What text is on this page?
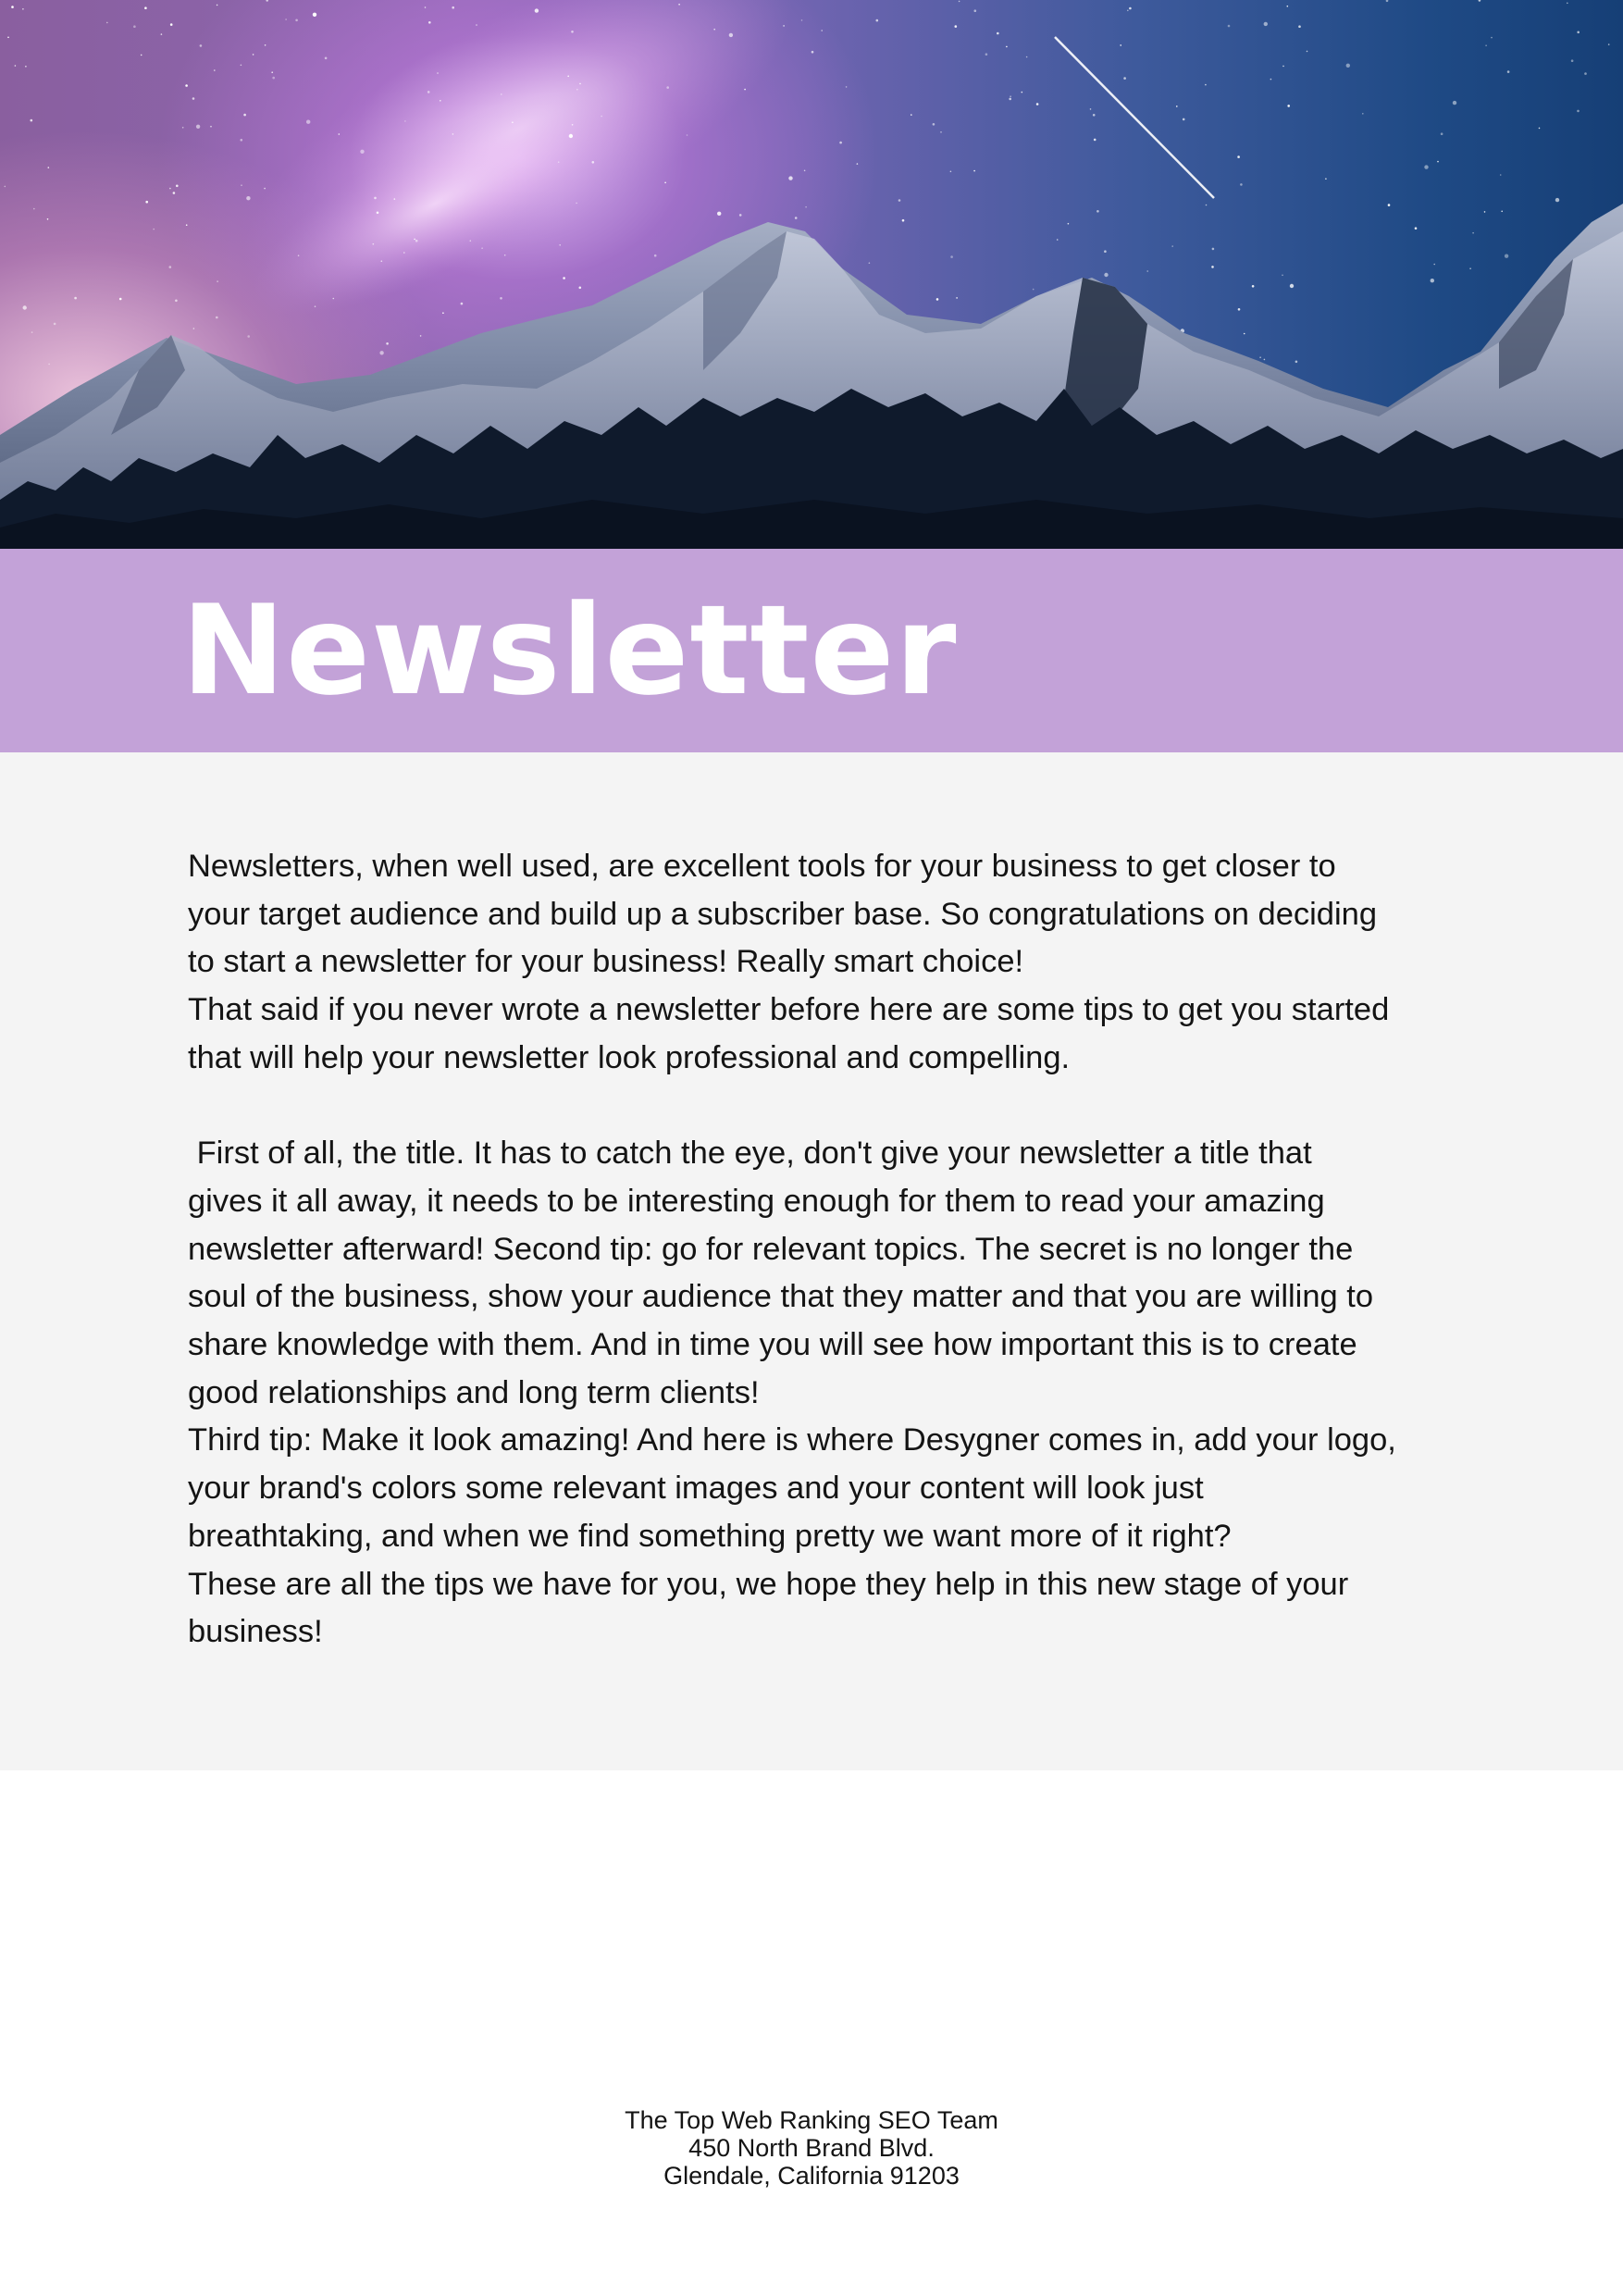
Newsletter

Newsletters, when well used, are excellent tools for your business to get closer to

your target audience and build up a subscriber base. So congratulations on deciding

to start a newsletter for your business! Really smart choice!

That said if you never wrote a newsletter before here are some tips to get you started

that will help your newsletter look professional and compelling.

First of all, the title. It has to catch the eye, don't give your newsletter a title that

gives it all away, it needs to be interesting enough for them to read your amazing

newsletter afterward! Second tip: go for relevant topics. The secret is no longer the

soul of the business, show your audience that they matter and that you are willing to

share knowledge with them. And in time you will see how important this is to create

good relationships and long term clients!

Third tip: Make it look amazing! And here is where Desygner comes in, add your logo,

your brand's colors some relevant images and your content will look just

breathtaking, and when we find something pretty we want more of it right?

These are all the tips we have for you, we hope they help in this new stage of your

business!

The Top Web Ranking SEO Team
450 North Brand Blvd.
Glendale, California 91203
